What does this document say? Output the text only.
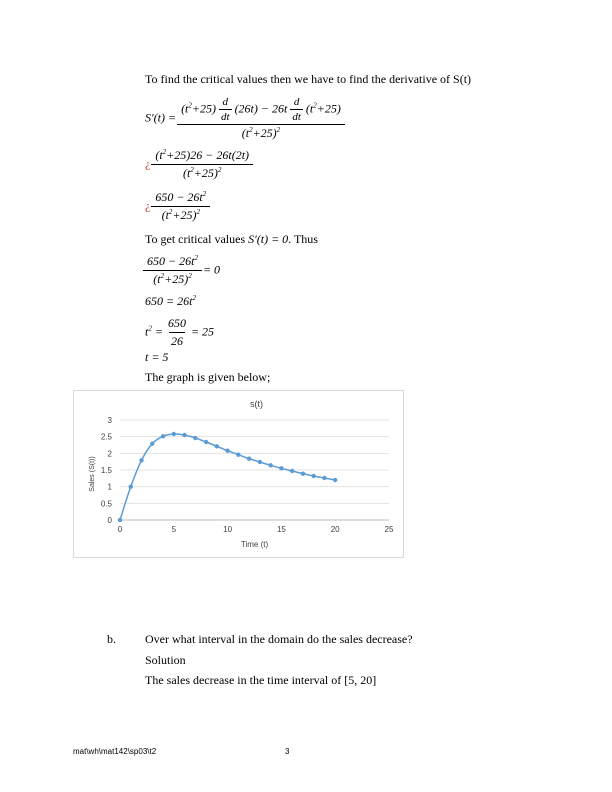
To find the critical values then we have to find the derivative of S(t)
$S'(t) = \frac{(t^2+25) \frac{d}{dt} (26t) - 26t \frac{d}{dt} (t^2+25)}{(t^2+25)^2}$
¿ $\frac{(t^2+25)26 - 26t(2t)}{(t^2+25)^2}$
¿ $\frac{650 - 26t^2}{(t^2+25)^2}$
To get critical values S′(t) = 0. Thus
$\frac{650 - 26t^2}{(t^2+25)^2} = 0$
$650 = 26t^2$
$t^2 = \frac{650}{26} = 25$
t = 5
The graph is given below;
0
0.5
1
1.5
2
2.5
3
0	5	10	15	20	25
s(t)
Time (t)
Sales (S(t))
b. Over what interval in the domain do the sales decrease?
Solution
The sales decrease in the time interval of [5, 20]
mat\wh\mat142\sp03\t2	3
